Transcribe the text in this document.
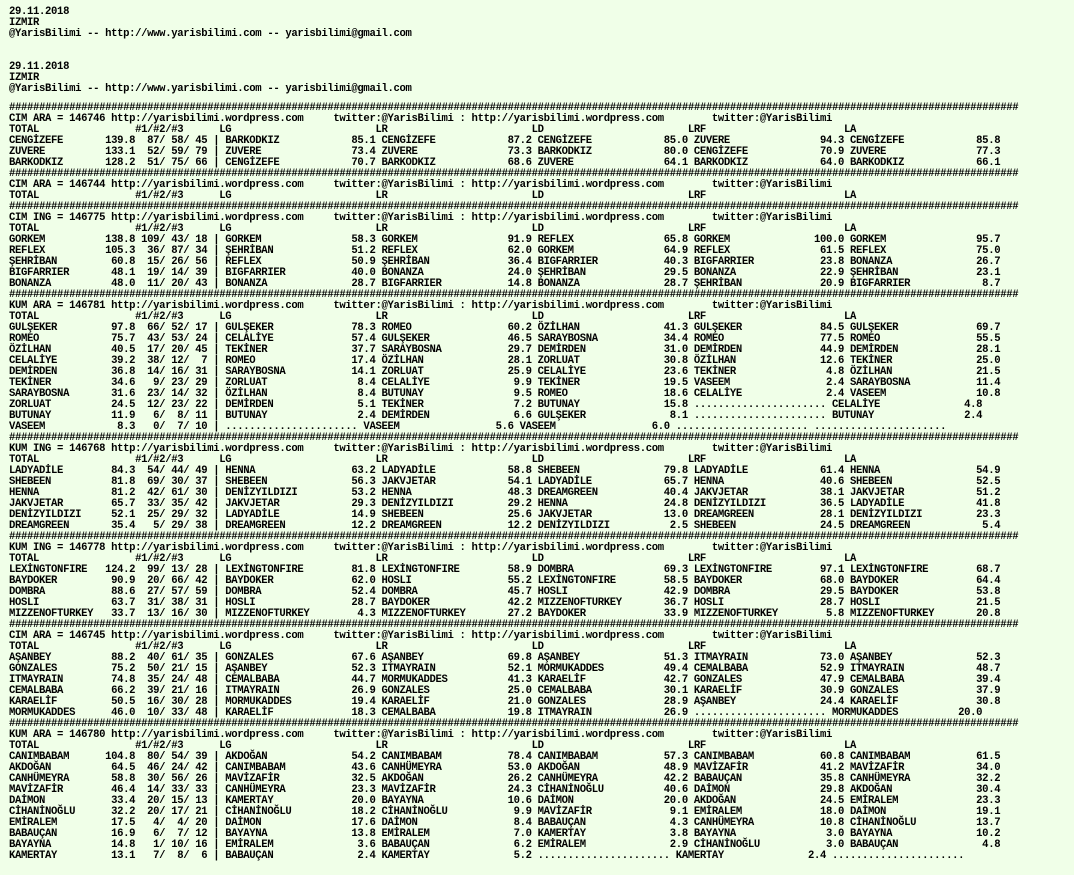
29.11.2018
IZMIR
@YarisBilimi -- http://www.yarisbilimi.com -- yarisbilimi@gmail.com
29.11.2018
IZMIR
@YarisBilimi -- http://www.yarisbilimi.com -- yarisbilimi@gmail.com
########################################################################################################################################################################
CIM ARA = 146746 http://yarisbilimi.wordpress.com     twitter:@YarisBilimi : http://yarisbilimi.wordpress.com        twitter:@YarisBilimi
TOTAL                #1/#2/#3      LG                        LR                        LD                        LRF                       LA
CENGİZEFE       139.8  87/ 58/ 45 | BARKODKIZ            85.1 CENGİZEFE            87.2 CENGİZEFE            85.0 ZUVERE               94.3 CENGİZEFE            85.8
ZUVERE          133.1  52/ 59/ 79 | ZUVERE               73.4 ZUVERE               73.3 BARKODKIZ            80.0 CENGİZEFE            70.9 ZUVERE               77.3
BARKODKIZ       128.2  51/ 75/ 66 | CENGİZEFE            70.7 BARKODKIZ            68.6 ZUVERE               64.1 BARKODKIZ            64.0 BARKODKIZ            66.1
########################################################################################################################################################################
CIM ARA = 146744 http://yarisbilimi.wordpress.com     twitter:@YarisBilimi : http://yarisbilimi.wordpress.com        twitter:@YarisBilimi
TOTAL                #1/#2/#3      LG                        LR                        LD                        LRF                       LA
########################################################################################################################################################################
CIM ING = 146775 http://yarisbilimi.wordpress.com     twitter:@YarisBilimi : http://yarisbilimi.wordpress.com        twitter:@YarisBilimi
TOTAL                #1/#2/#3      LG                        LR                        LD                        LRF                       LA
GORKEM          138.8 109/ 43/ 18 | GORKEM               58.3 GORKEM               91.9 REFLEX               65.8 GORKEM              100.0 GORKEM               95.7
REFLEX          105.3  36/ 87/ 34 | ŞEHRİBAN             51.2 REFLEX               62.0 GORKEM               64.9 REFLEX               61.5 REFLEX               75.0
ŞEHRİBAN         60.8  15/ 26/ 56 | REFLEX               50.9 ŞEHRİBAN             36.4 BIGFARRIER           40.3 BIGFARRIER           23.8 BONANZA              26.7
BIGFARRIER       48.1  19/ 14/ 39 | BIGFARRIER           40.0 BONANZA              24.0 ŞEHRİBAN             29.5 BONANZA              22.9 ŞEHRİBAN             23.1
BONANZA          48.0  11/ 20/ 43 | BONANZA              28.7 BIGFARRIER           14.8 BONANZA              28.7 ŞEHRİBAN             20.9 BIGFARRIER            8.7
########################################################################################################################################################################
KUM ARA = 146781 http://yarisbilimi.wordpress.com     twitter:@YarisBilimi : http://yarisbilimi.wordpress.com        twitter:@YarisBilimi
TOTAL                #1/#2/#3      LG                        LR                        LD                        LRF                       LA
GULŞEKER         97.8  66/ 52/ 17 | GULŞEKER             78.3 ROMEO                60.2 ÖZİLHAN              41.3 GULŞEKER             84.5 GULŞEKER             69.7
ROMEO            75.7  43/ 53/ 24 | CELALİYE             57.4 GULŞEKER             46.5 SARAYBOSNA           34.4 ROMEO                77.5 ROMEO                55.5
ÖZİLHAN          40.5  17/ 20/ 45 | TEKİNER              37.7 SARAYBOSNA           29.7 DEMİRDEN             31.0 DEMİRDEN             44.9 DEMİRDEN             28.1
CELALİYE         39.2  38/ 12/  7 | ROMEO                17.4 ÖZİLHAN              28.1 ZORLUAT              30.8 ÖZİLHAN              12.6 TEKİNER              25.0
DEMİRDEN         36.8  14/ 16/ 31 | SARAYBOSNA           14.1 ZORLUAT              25.9 CELALİYE             23.6 TEKİNER               4.8 ÖZİLHAN              21.5
TEKİNER          34.6   9/ 23/ 29 | ZORLUAT               8.4 CELALİYE              9.9 TEKİNER              19.5 VASEEM                2.4 SARAYBOSNA           11.4
SARAYBOSNA       31.6  23/ 14/ 32 | ÖZİLHAN               8.4 BUTUNAY               9.5 ROMEO                18.6 CELALİYE              2.4 VASEEM               10.8
ZORLUAT          24.5  12/ 23/ 22 | DEMİRDEN              5.1 TEKİNER               7.2 BUTUNAY              15.8 ...................... CELALİYE              4.8
BUTUNAY          11.9   6/  8/ 11 | BUTUNAY               2.4 DEMİRDEN              6.6 GULŞEKER              8.1 ...................... BUTUNAY               2.4
VASEEM            8.3   0/  7/ 10 | ...................... VASEEM                5.6 VASEEM                6.0 ...................... ......................
########################################################################################################################################################################
KUM ING = 146768 http://yarisbilimi.wordpress.com     twitter:@YarisBilimi : http://yarisbilimi.wordpress.com        twitter:@YarisBilimi
TOTAL                #1/#2/#3      LG                        LR                        LD                        LRF                       LA
LADYADİLE        84.3  54/ 44/ 49 | HENNA                63.2 LADYADİLE            58.8 SHEBEEN              79.8 LADYADİLE            61.4 HENNA                54.9
SHEBEEN          81.8  69/ 30/ 37 | SHEBEEN              56.3 JAKVJETAR            54.1 LADYADİLE            65.7 HENNA                40.6 SHEBEEN              52.5
HENNA            81.2  42/ 61/ 30 | DENİZYILDIZI         53.2 HENNA                48.3 DREAMGREEN           40.4 JAKVJETAR            38.1 JAKVJETAR            51.2
JAKVJETAR        65.7  33/ 35/ 42 | JAKVJETAR            29.3 DENİZYILDIZI         29.2 HENNA                24.8 DENİZYILDIZI         36.5 LADYADİLE            41.8
DENİZYILDIZI     52.1  25/ 29/ 32 | LADYADİLE            14.9 SHEBEEN              25.6 JAKVJETAR            13.0 DREAMGREEN           28.1 DENİZYILDIZI         23.3
DREAMGREEN       35.4   5/ 29/ 38 | DREAMGREEN           12.2 DREAMGREEN           12.2 DENİZYILDIZI          2.5 SHEBEEN              24.5 DREAMGREEN            5.4
########################################################################################################################################################################
KUM ING = 146778 http://yarisbilimi.wordpress.com     twitter:@YarisBilimi : http://yarisbilimi.wordpress.com        twitter:@YarisBilimi
TOTAL                #1/#2/#3      LG                        LR                        LD                        LRF                       LA
LEXİNGTONFIRE   124.2  99/ 13/ 28 | LEXİNGTONFIRE        81.8 LEXİNGTONFIRE        58.9 DOMBRA               69.3 LEXİNGTONFIRE        97.1 LEXİNGTONFIRE        68.7
BAYDOKER         90.9  20/ 66/ 42 | BAYDOKER             62.0 HOSLI                55.2 LEXİNGTONFIRE        58.5 BAYDOKER             68.0 BAYDOKER             64.4
DOMBRA           88.6  27/ 57/ 59 | DOMBRA               52.4 DOMBRA               45.7 HOSLI                42.9 DOMBRA               29.5 BAYDOKER             53.8
HOSLI            63.7  31/ 38/ 31 | HOSLI                28.7 BAYDOKER             42.2 MIZZENOFTURKEY       36.7 HOSLI                28.7 HOSLI                21.5
MIZZENOFTURKEY   33.7  13/ 16/ 30 | MIZZENOFTURKEY        4.3 MIZZENOFTURKEY       27.2 BAYDOKER             33.9 MIZZENOFTURKEY        5.8 MIZZENOFTURKEY       20.8
########################################################################################################################################################################
CIM ARA = 146745 http://yarisbilimi.wordpress.com     twitter:@YarisBilimi : http://yarisbilimi.wordpress.com        twitter:@YarisBilimi
TOTAL                #1/#2/#3      LG                        LR                        LD                        LRF                       LA
AŞANBEY          88.2  40/ 61/ 35 | GONZALES             67.6 AŞANBEY              69.8 AŞANBEY              51.3 ITMAYRAIN            73.0 AŞANBEY              52.3
GONZALES         75.2  50/ 21/ 15 | AŞANBEY              52.3 ITMAYRAIN            52.1 MORMUKADDES          49.4 CEMALBABA            52.9 ITMAYRAIN            48.7
ITMAYRAIN        74.8  35/ 24/ 48 | CEMALBABA            44.7 MORMUKADDES          41.3 KARAELİF             42.7 GONZALES             47.9 CEMALBABA            39.4
CEMALBABA        66.2  39/ 21/ 16 | ITMAYRAIN            26.9 GONZALES             25.0 CEMALBABA            30.1 KARAELİF             30.9 GONZALES             37.9
KARAELİF         50.5  16/ 30/ 28 | MORMUKADDES          19.4 KARAELİF             21.0 GONZALES             28.9 AŞANBEY              24.4 KARAELİF             30.8
MORMUKADDES      46.0  10/ 33/ 48 | KARAELİF             18.3 CEMALBABA            19.8 ITMAYRAIN            26.9 ...................... MORMUKADDES          20.0
########################################################################################################################################################################
KUM ARA = 146780 http://yarisbilimi.wordpress.com     twitter:@YarisBilimi : http://yarisbilimi.wordpress.com        twitter:@YarisBilimi
TOTAL                #1/#2/#3      LG                        LR                        LD                        LRF                       LA
CANIMBABAM      104.8  80/ 54/ 39 | AKDOĞAN              54.2 CANIMBABAM           78.4 CANIMBABAM           57.3 CANIMBABAM           60.8 CANIMBABAM           61.5
AKDOĞAN          64.5  46/ 24/ 42 | CANIMBABAM           43.6 CANHÜMEYRA           53.0 AKDOĞAN              48.9 MAVİZAFİR            41.2 MAVİZAFİR            34.0
CANHÜMEYRA       58.8  30/ 56/ 26 | MAVİZAFİR            32.5 AKDOĞAN              26.2 CANHÜMEYRA           42.2 BABAUÇAN             35.8 CANHÜMEYRA           32.2
MAVİZAFİR        46.4  14/ 33/ 33 | CANHÜMEYRA           23.3 MAVİZAFİR            24.3 CİHANİNOĞLU          40.6 DAİMON               29.8 AKDOĞAN              30.4
DAİMON           33.4  20/ 15/ 13 | KAMERTAY             20.0 BAYAYNA              10.6 DAİMON               20.0 AKDOĞAN              24.5 EMİRALEM             23.3
CİHANİNOĞLU      32.2  20/ 17/ 21 | CİHANİNOĞLU          18.2 CİHANİNOĞLU           9.9 MAVİZAFİR             9.1 EMİRALEM             18.0 DAİMON               19.1
EMİRALEM         17.5   4/  4/ 20 | DAİMON               17.6 DAİMON                8.4 BABAUÇAN              4.3 CANHÜMEYRA           10.8 CİHANİNOĞLU          13.7
BABAUÇAN         16.9   6/  7/ 12 | BAYAYNA              13.8 EMİRALEM              7.0 KAMERTAY              3.8 BAYAYNA               3.0 BAYAYNA              10.2
BAYAYNA          14.8   1/ 10/ 16 | EMİRALEM              3.6 BABAUÇAN              6.2 EMİRALEM              2.9 CİHANİNOĞLU           3.0 BABAUÇAN              4.8
KAMERTAY         13.1   7/  8/  6 | BABAUÇAN              2.4 KAMERTAY              5.2 ...................... KAMERTAY              2.4 ......................
